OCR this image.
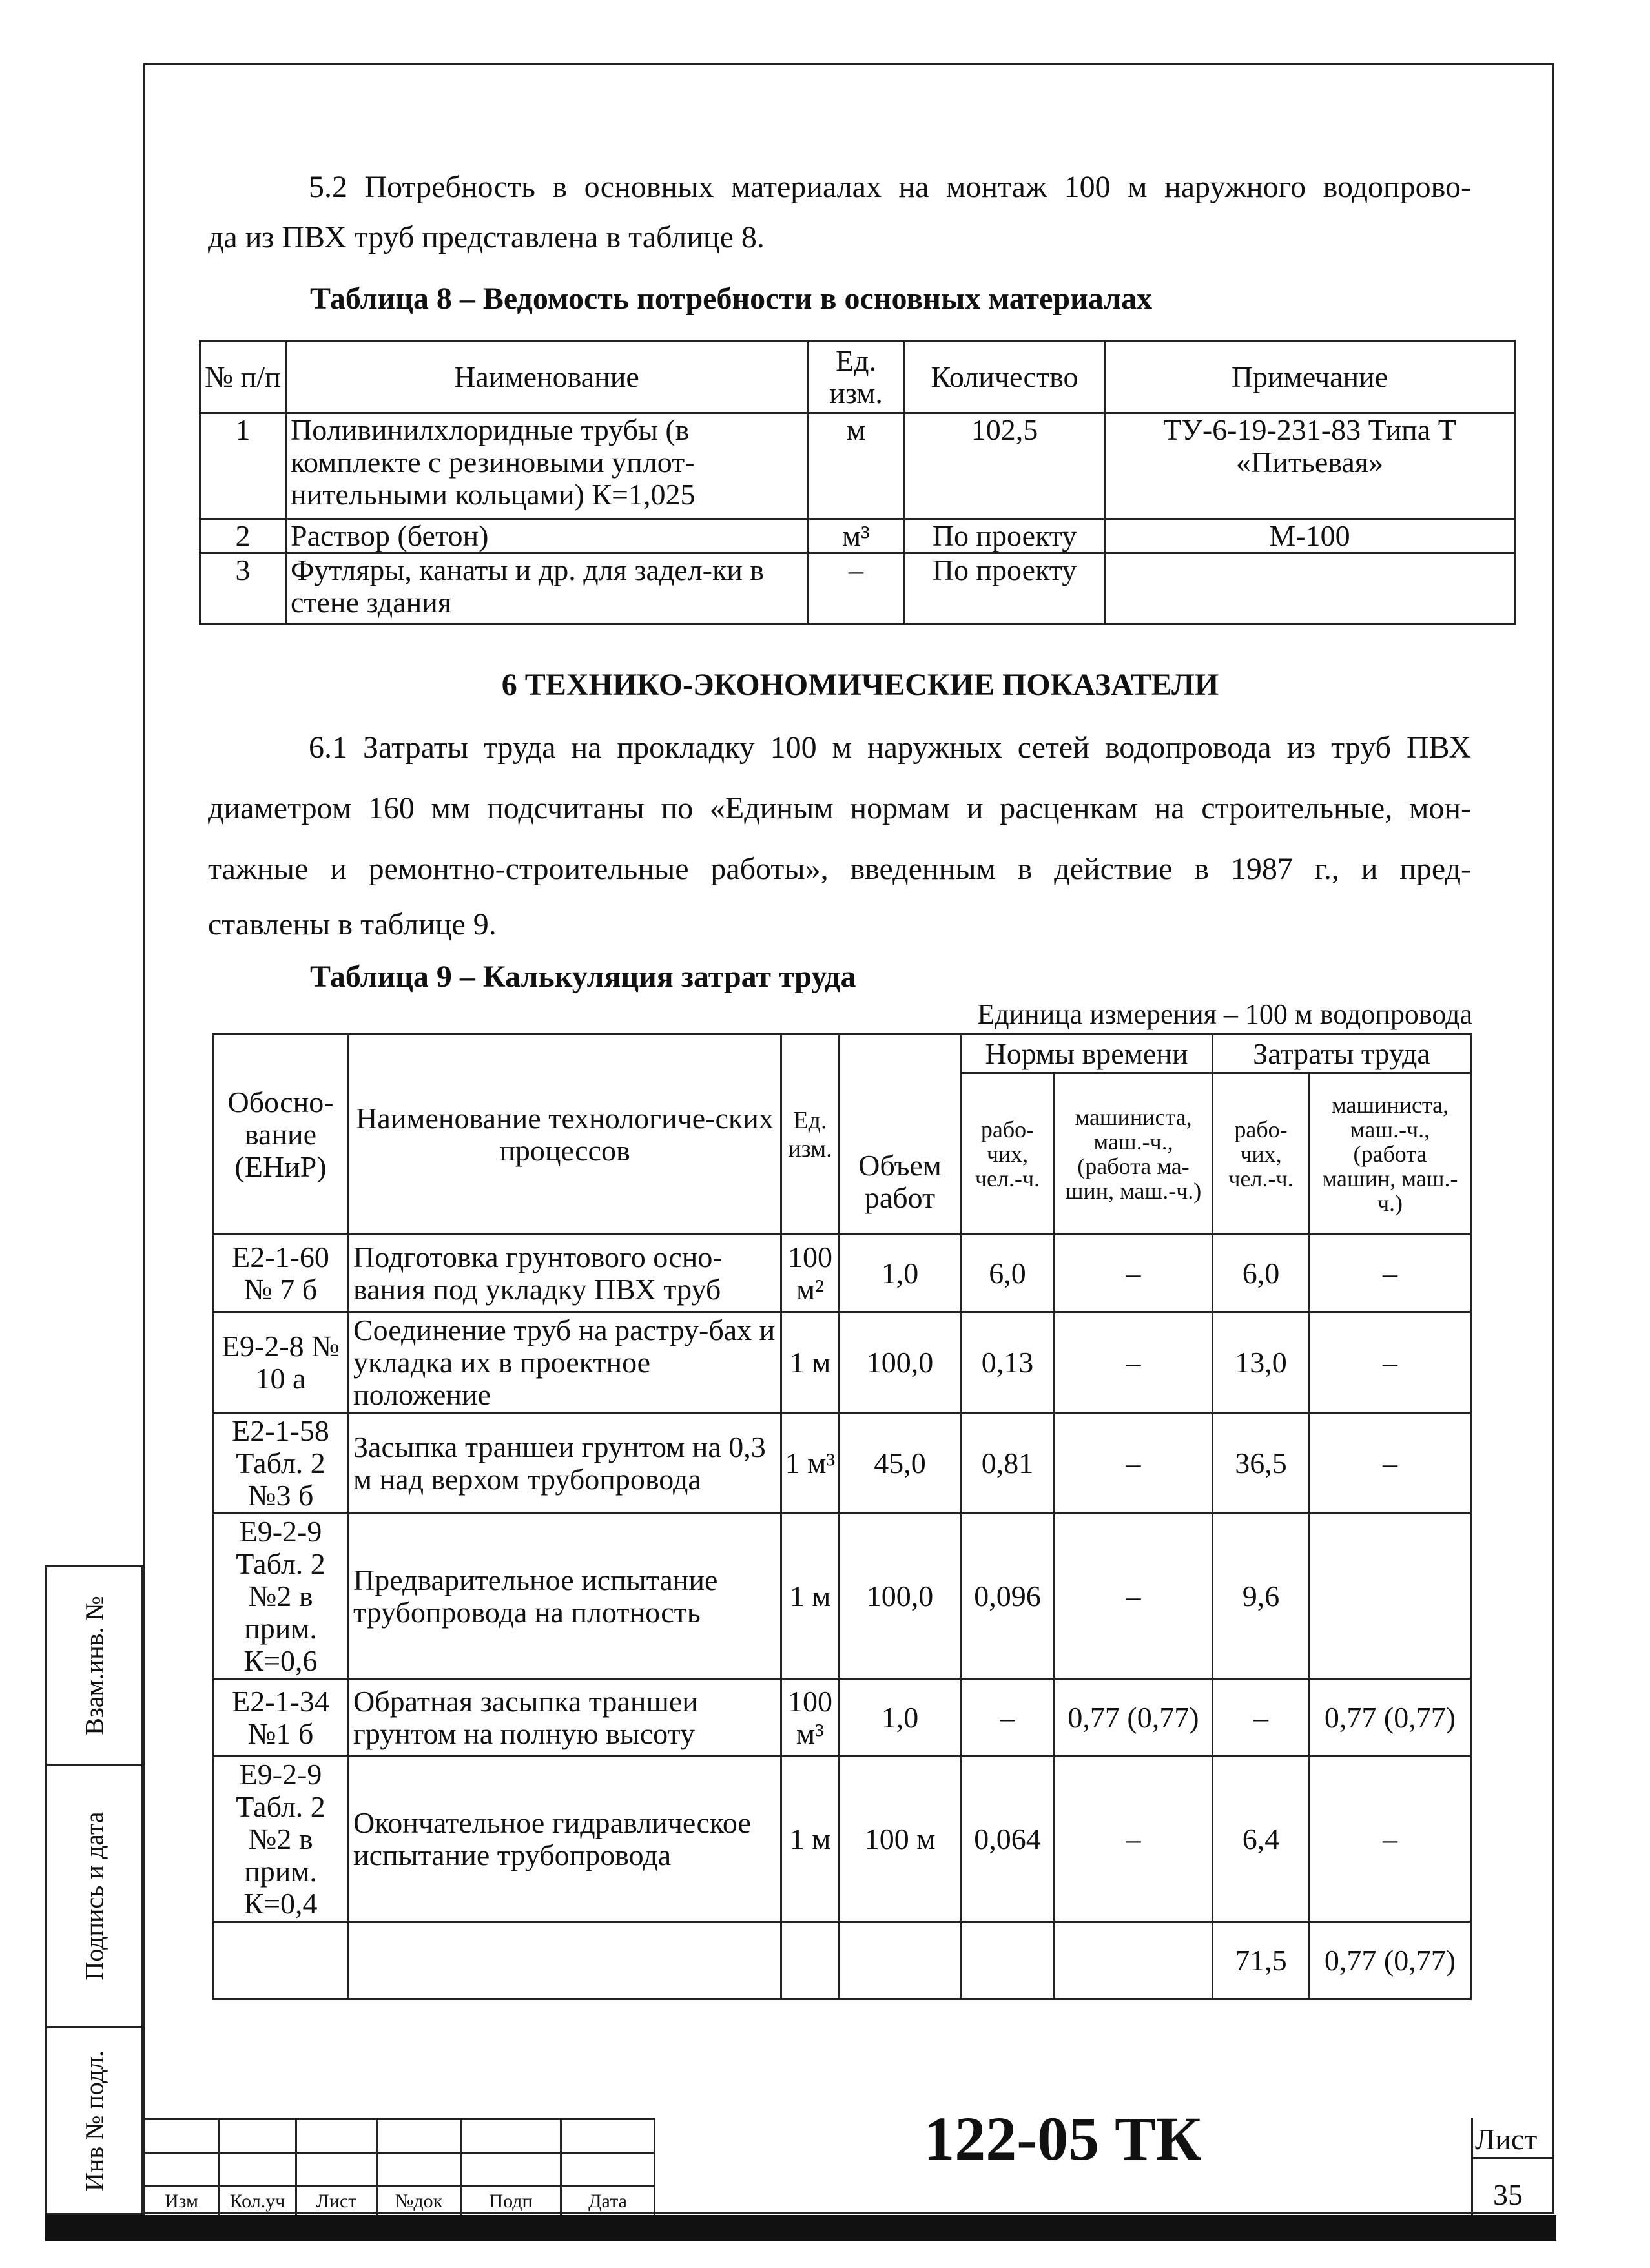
5.2 Потребность в основных материалах на монтаж 100 м наружного водопрово-

да из ПВХ труб представлена в таблице 8.

Таблица 8 – Ведомость потребности в основных материалах

№ п/п	Наименование	Ед. изм.	Количество	Примечание
1	Поливинилхлоридные трубы (в комплекте с резиновыми уплот-нительными кольцами) К=1,025	м	102,5	ТУ-6-19-231-83 Типа Т «Питьевая»
2	Раствор (бетон)	м³	По проекту	М-100
3	Футляры, канаты и др. для задел-ки в стене здания	–	По проекту	

6 ТЕХНИКО-ЭКОНОМИЧЕСКИЕ ПОКАЗАТЕЛИ

6.1 Затраты труда на прокладку 100 м наружных сетей водопровода из труб ПВХ

диаметром 160 мм подсчитаны по «Единым нормам и расценкам на строительные, мон-

тажные и ремонтно-строительные работы», введенным в действие в 1987 г., и пред-

ставлены в таблице 9.

Таблица 9 – Калькуляция затрат труда

Единица измерения – 100 м водопровода

Обосно-вание (ЕНиР)	Наименование технологиче-ских процессов	Ед. изм.	Объем работ	Нормы времени		Затраты труда	
				рабо-чих, чел.-ч.	машиниста, маш.-ч., (работа ма-шин, маш.-ч.)	рабо-чих, чел.-ч.	машиниста, маш.-ч., (работа машин, маш.-ч.)
Е2-1-60 № 7 б	Подготовка грунтового осно-вания под укладку ПВХ труб	100 м²	1,0	6,0	–	6,0	–
Е9-2-8 № 10 а	Соединение труб на растру-бах и укладка их в проектное положение	1 м	100,0	0,13	–	13,0	–
Е2-1-58 Табл. 2 №3 б	Засыпка траншеи грунтом на 0,3 м над верхом трубопровода	1 м³	45,0	0,81	–	36,5	–
Е9-2-9 Табл. 2 №2 в прим. К=0,6	Предварительное испытание трубопровода на плотность	1 м	100,0	0,096	–	9,6	
Е2-1-34 №1 б	Обратная засыпка траншеи грунтом на полную высоту	100 м³	1,0	–	0,77 (0,77)	–	0,77 (0,77)
Е9-2-9 Табл. 2 №2 в прим. К=0,4	Окончательное гидравлическое испытание трубопровода	1 м	100 м	0,064	–	6,4	–
						71,5	0,77 (0,77)
Взам.инв. №
Подпись и дата
Инв № подл.

Изм	Кол.уч	Лист	№док	Подп	Дата
122-05 ТК	Лист
35
